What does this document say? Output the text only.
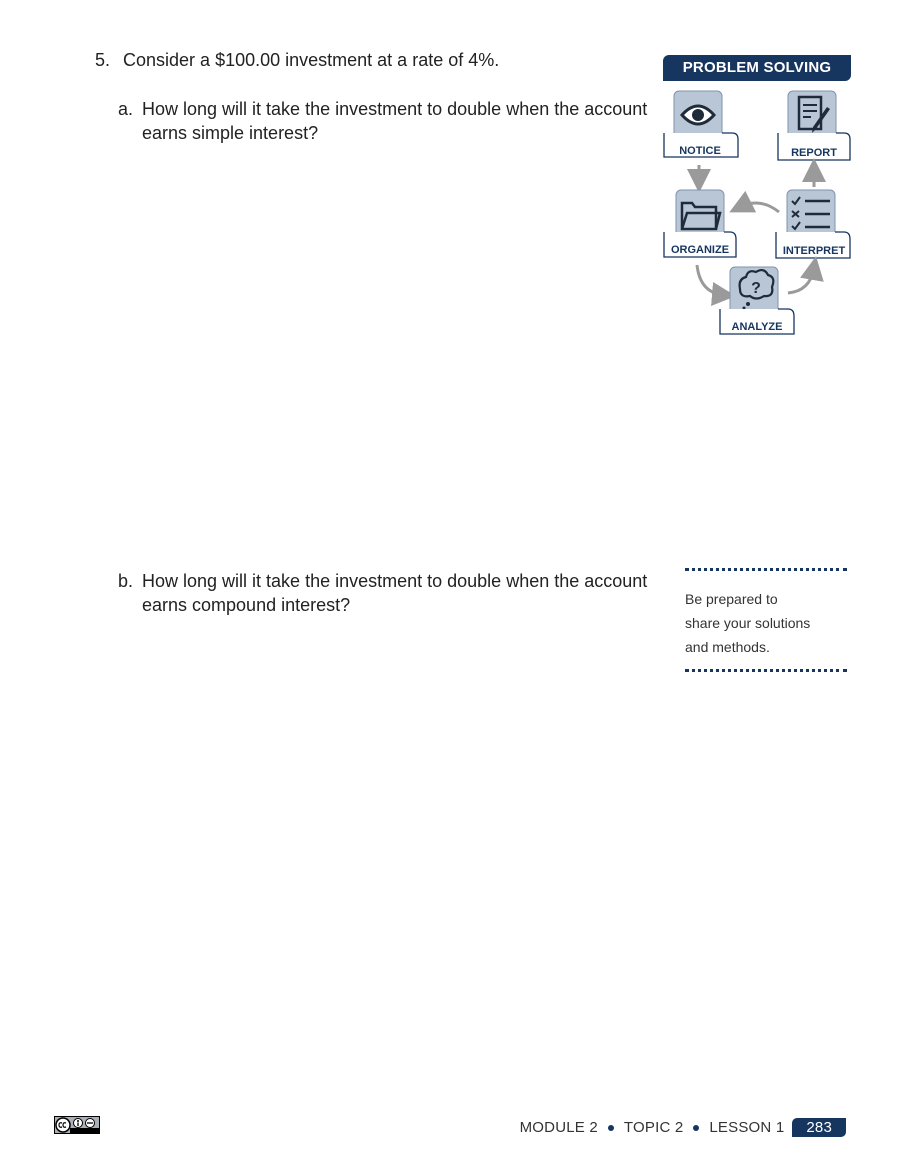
5. Consider a $100.00 investment at a rate of 4%.
a. How long will it take the investment to double when the account earns simple interest?
b. How long will it take the investment to double when the account earns compound interest?
NOTICE	REPORT
ORGANIZE	INTERPRET
?
ANALYZE
PROBLEM SOLVING
Be prepared to
share your solutions
and methods.
MODULE 2 TOPIC 2 LESSON 1	283
